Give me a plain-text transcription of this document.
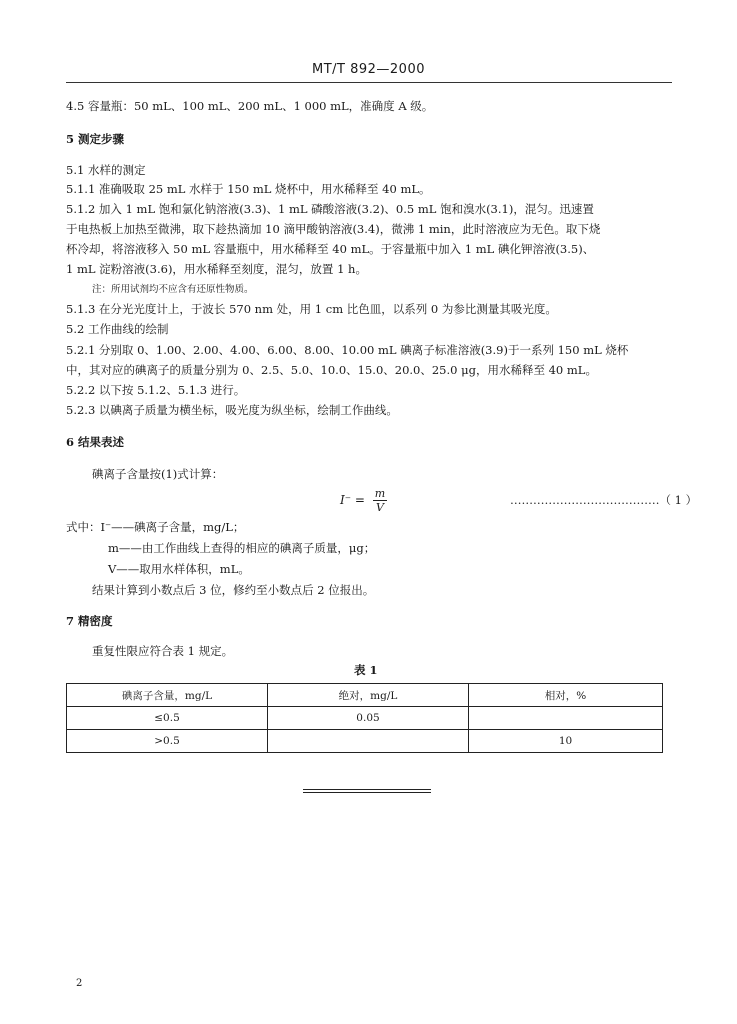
MT/T 892—2000
4.5 容量瓶：50 mL、100 mL、200 mL、1 000 mL，准确度 A 级。
5 测定步骤
5.1 水样的测定
5.1.1 准确吸取 25 mL 水样于 150 mL 烧杯中，用水稀释至 40 mL。
5.1.2 加入 1 mL 饱和氯化钠溶液(3.3)、1 mL 磷酸溶液(3.2)、0.5 mL 饱和溴水(3.1)，混匀。迅速置
于电热板上加热至微沸，取下趁热滴加 10 滴甲酸钠溶液(3.4)，微沸 1 min，此时溶液应为无色。取下烧
杯冷却，将溶液移入 50 mL 容量瓶中，用水稀释至 40 mL。于容量瓶中加入 1 mL 碘化钾溶液(3.5)、
1 mL 淀粉溶液(3.6)，用水稀释至刻度，混匀，放置 1 h。
注：所用试剂均不应含有还原性物质。
5.1.3 在分光光度计上，于波长 570 nm 处，用 1 cm 比色皿，以系列 0 为参比测量其吸光度。
5.2 工作曲线的绘制
5.2.1 分别取 0、1.00、2.00、4.00、6.00、8.00、10.00 mL 碘离子标准溶液(3.9)于一系列 150 mL 烧杯
中，其对应的碘离子的质量分别为 0、2.5、5.0、10.0、15.0、20.0、25.0 μg，用水稀释至 40 mL。
5.2.2 以下按 5.1.2、5.1.3 进行。
5.2.3 以碘离子质量为横坐标，吸光度为纵坐标，绘制工作曲线。
6 结果表述
碘离子含量按(1)式计算：
$I^- = \frac{m}{V}$	…………………………………（ 1 ）
式中：I⁻——碘离子含量，mg/L；
m——由工作曲线上查得的相应的碘离子质量，μg；
V——取用水样体积，mL。
结果计算到小数点后 3 位，修约至小数点后 2 位报出。
7 精密度
重复性限应符合表 1 规定。
表 1
碘离子含量，mg/L	绝对，mg/L	相对，%
≤0.5	0.05	
>0.5		10
2
